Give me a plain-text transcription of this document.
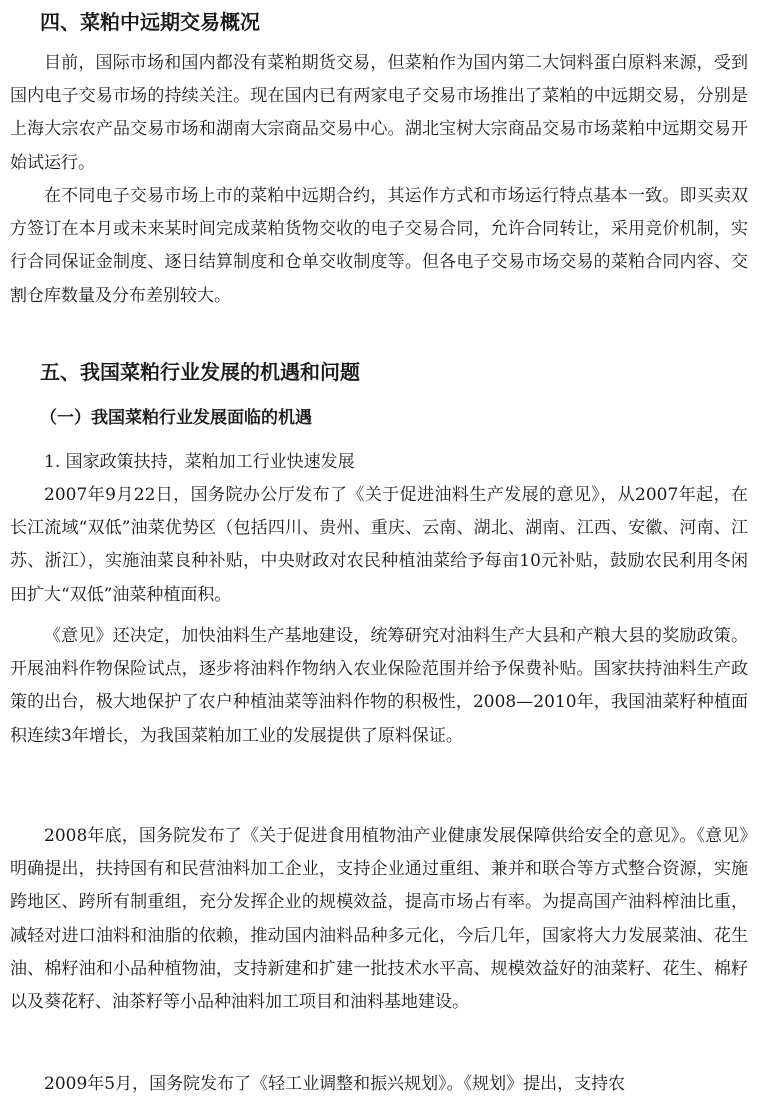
四、菜粕中远期交易概况

目前，国际市场和国内都没有菜粕期货交易，但菜粕作为国内第二大饲料蛋白原料来源，受到国内电子交易市场的持续关注。现在国内已有两家电子交易市场推出了菜粕的中远期交易，分别是上海大宗农产品交易市场和湖南大宗商品交易中心。湖北宝树大宗商品交易市场菜粕中远期交易开始试运行。

在不同电子交易市场上市的菜粕中远期合约，其运作方式和市场运行特点基本一致。即买卖双方签订在本月或未来某时间完成菜粕货物交收的电子交易合同，允许合同转让，采用竞价机制，实行合同保证金制度、逐日结算制度和仓单交收制度等。但各电子交易市场交易的菜粕合同内容、交割仓库数量及分布差别较大。

五、我国菜粕行业发展的机遇和问题
（一）我国菜粕行业发展面临的机遇
1. 国家政策扶持，菜粕加工行业快速发展

2007年9月22日，国务院办公厅发布了《关于促进油料生产发展的意见》，从2007年起，在长江流域“双低”油菜优势区（包括四川、贵州、重庆、云南、湖北、湖南、江西、安徽、河南、江苏、浙江），实施油菜良种补贴，中央财政对农民种植油菜给予每亩10元补贴，鼓励农民利用冬闲田扩大“双低”油菜种植面积。

《意见》还决定，加快油料生产基地建设，统筹研究对油料生产大县和产粮大县的奖励政策。开展油料作物保险试点，逐步将油料作物纳入农业保险范围并给予保费补贴。国家扶持油料生产政策的出台，极大地保护了农户种植油菜等油料作物的积极性，2008—2010年，我国油菜籽种植面积连续3年增长，为我国菜粕加工业的发展提供了原料保证。

2008年底，国务院发布了《关于促进食用植物油产业健康发展保障供给安全的意见》。《意见》明确提出，扶持国有和民营油料加工企业，支持企业通过重组、兼并和联合等方式整合资源，实施跨地区、跨所有制重组，充分发挥企业的规模效益，提高市场占有率。为提高国产油料榨油比重，减轻对进口油料和油脂的依赖，推动国内油料品种多元化，今后几年，国家将大力发展菜油、花生油、棉籽油和小品种植物油，支持新建和扩建一批技术水平高、规模效益好的油菜籽、花生、棉籽以及葵花籽、油茶籽等小品种油料加工项目和油料基地建设。

2009年5月，国务院发布了《轻工业调整和振兴规划》。《规划》提出，支持农
